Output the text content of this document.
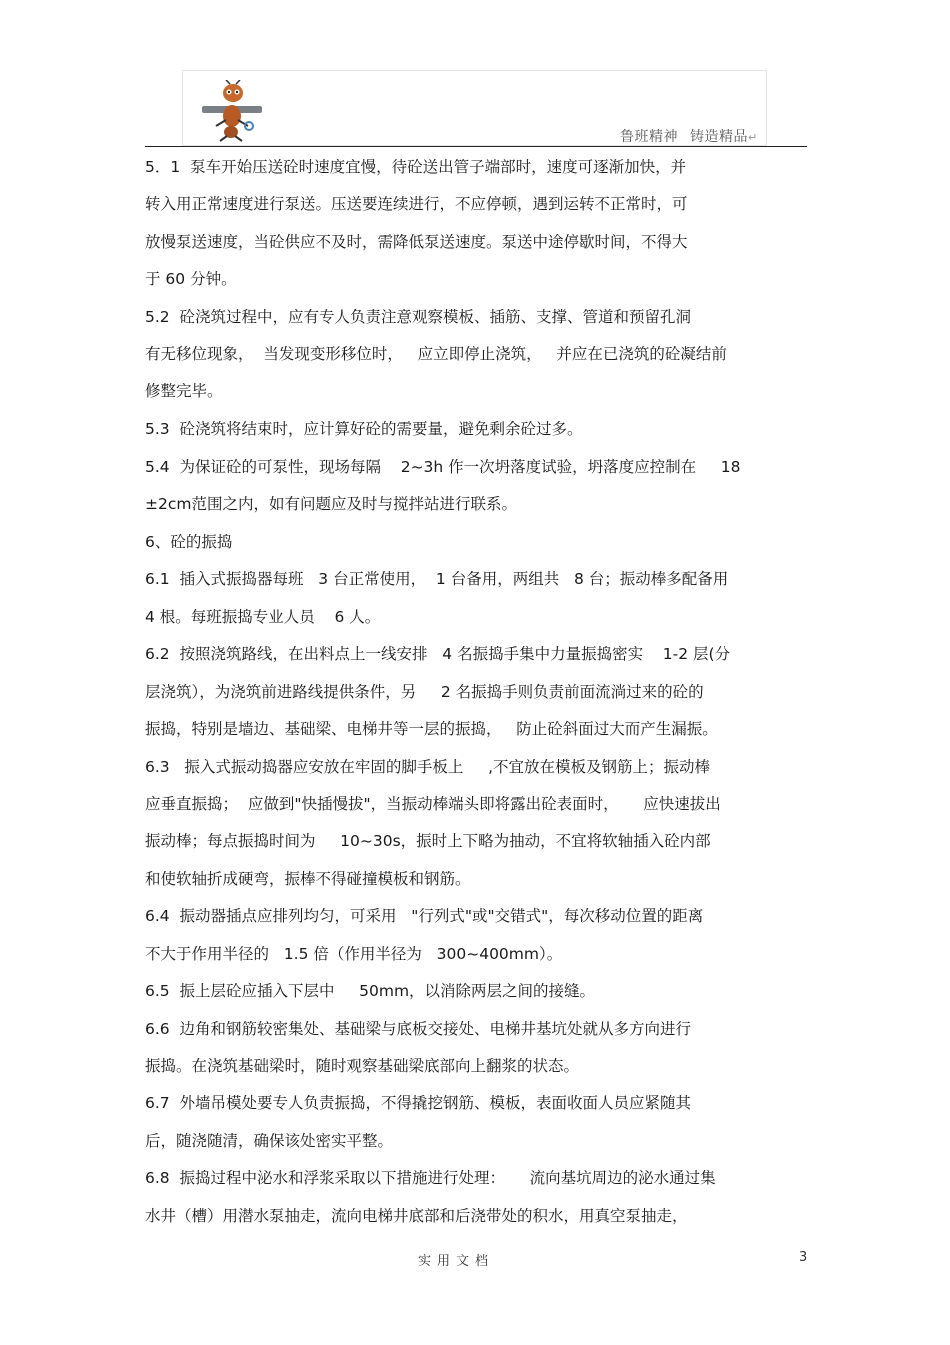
鲁班精神 铸造精品↵
5．1  泵车开始压送砼时速度宜慢，待砼送出管子端部时，速度可逐渐加快，并
转入用正常速度进行泵送。压送要连续进行，不应停顿，遇到运转不正常时，可
放慢泵送速度，当砼供应不及时，需降低泵送速度。泵送中途停歇时间，不得大
于 60 分钟。
5.2  砼浇筑过程中，应有专人负责注意观察模板、插筋、支撑、管道和预留孔洞
有无移位现象，  当发现变形移位时，   应立即停止浇筑，   并应在已浇筑的砼凝结前
修整完毕。
5.3  砼浇筑将结束时，应计算好砼的需要量，避免剩余砼过多。
5.4  为保证砼的可泵性，现场每隔    2~3h 作一次坍落度试验，坍落度应控制在     18
±2cm范围之内，如有问题应及时与搅拌站进行联系。
6、砼的振捣
6.1  插入式振捣器每班   3 台正常使用，  1 台备用，两组共   8 台；振动棒多配备用
4 根。每班振捣专业人员    6 人。
6.2  按照浇筑路线，在出料点上一线安排   4 名振捣手集中力量振捣密实    1-2 层(分
层浇筑），为浇筑前进路线提供条件，另     2 名振捣手则负责前面流淌过来的砼的
振捣，特别是墙边、基础梁、电梯井等一层的振捣，   防止砼斜面过大而产生漏振。
6.3   振入式振动捣器应安放在牢固的脚手板上     ,不宜放在模板及钢筋上；振动棒
应垂直振捣；  应做到"快插慢拔"，当振动棒端头即将露出砼表面时，     应快速拔出
振动棒；每点振捣时间为     10~30s，振时上下略为抽动，不宜将软轴插入砼内部
和使软轴折成硬弯，振棒不得碰撞模板和钢筋。
6.4  振动器插点应排列均匀，可采用   "行列式"或"交错式"，每次移动位置的距离
不大于作用半径的   1.5 倍（作用半径为   300~400mm）。
6.5  振上层砼应插入下层中     50mm，以消除两层之间的接缝。
6.6  边角和钢筋较密集处、基础梁与底板交接处、电梯井基坑处就从多方向进行
振捣。在浇筑基础梁时，随时观察基础梁底部向上翻浆的状态。
6.7  外墙吊模处要专人负责振捣，不得撬挖钢筋、模板，表面收面人员应紧随其
后，随浇随清，确保该处密实平整。
6.8  振捣过程中泌水和浮浆采取以下措施进行处理：     流向基坑周边的泌水通过集
水井（槽）用潜水泵抽走，流向电梯井底部和后浇带处的积水，用真空泵抽走，
实用文档	3
